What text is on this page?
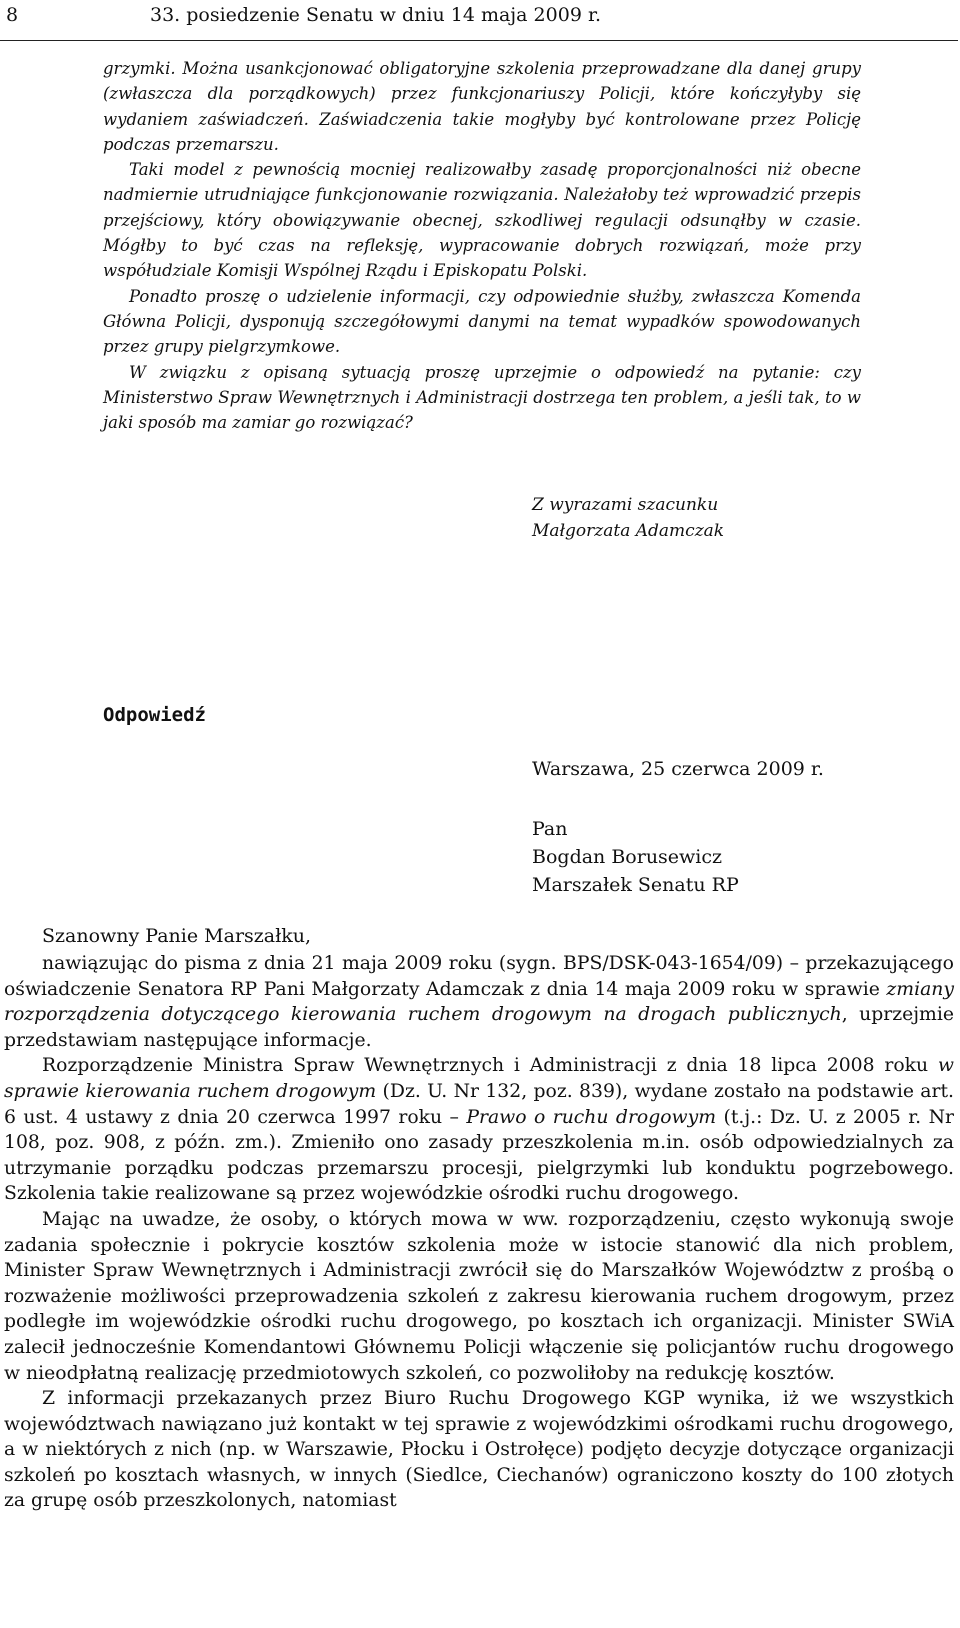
8	33. posiedzenie Senatu w dniu 14 maja 2009 r.

grzymki. Można usankcjonować obligatoryjne szkolenia przeprowadzane dla danej grupy (zwłaszcza dla porządkowych) przez funkcjonariuszy Policji, które kończyłyby się wydaniem zaświadczeń. Zaświadczenia takie mogłyby być kontrolowane przez Policję podczas przemarszu.

Taki model z pewnością mocniej realizowałby zasadę proporcjonalności niż obecne nadmiernie utrudniające funkcjonowanie rozwiązania. Należałoby też wprowadzić przepis przejściowy, który obowiązywanie obecnej, szkodliwej regulacji odsunąłby w czasie. Mógłby to być czas na refleksję, wypracowanie dobrych rozwiązań, może przy współudziale Komisji Wspólnej Rządu i Episkopatu Polski.

Ponadto proszę o udzielenie informacji, czy odpowiednie służby, zwłaszcza Komenda Główna Policji, dysponują szczegółowymi danymi na temat wypadków spowodowanych przez grupy pielgrzymkowe.

W związku z opisaną sytuacją proszę uprzejmie o odpowiedź na pytanie: czy Ministerstwo Spraw Wewnętrznych i Administracji dostrzega ten problem, a jeśli tak, to w jaki sposób ma zamiar go rozwiązać?

Z wyrazami szacunku
Małgorzata Adamczak
Odpowiedź
Warszawa, 25 czerwca 2009 r.
Pan
Bogdan Borusewicz
Marszałek Senatu RP
Szanowny Panie Marszałku,

nawiązując do pisma z dnia 21 maja 2009 roku (sygn. BPS/DSK-043-1654/09) – przekazującego oświadczenie Senatora RP Pani Małgorzaty Adamczak z dnia 14 maja 2009 roku w sprawie zmiany rozporządzenia dotyczącego kierowania ruchem drogowym na drogach publicznych, uprzejmie przedstawiam następujące informacje.

Rozporządzenie Ministra Spraw Wewnętrznych i Administracji z dnia 18 lipca 2008 roku w sprawie kierowania ruchem drogowym (Dz. U. Nr 132, poz. 839), wydane zostało na podstawie art. 6 ust. 4 ustawy z dnia 20 czerwca 1997 roku – Prawo o ruchu drogowym (t.j.: Dz. U. z 2005 r. Nr 108, poz. 908, z późn. zm.). Zmieniło ono zasady przeszkolenia m.in. osób odpowiedzialnych za utrzymanie porządku podczas przemarszu procesji, pielgrzymki lub konduktu pogrzebowego. Szkolenia takie realizowane są przez wojewódzkie ośrodki ruchu drogowego.

Mając na uwadze, że osoby, o których mowa w ww. rozporządzeniu, często wykonują swoje zadania społecznie i pokrycie kosztów szkolenia może w istocie stanowić dla nich problem, Minister Spraw Wewnętrznych i Administracji zwrócił się do Marszałków Województw z prośbą o rozważenie możliwości przeprowadzenia szkoleń z zakresu kierowania ruchem drogowym, przez podległe im wojewódzkie ośrodki ruchu drogowego, po kosztach ich organizacji. Minister SWiA zalecił jednocześnie Komendantowi Głównemu Policji włączenie się policjantów ruchu drogowego w nieodpłatną realizację przedmiotowych szkoleń, co pozwoliłoby na redukcję kosztów.

Z informacji przekazanych przez Biuro Ruchu Drogowego KGP wynika, iż we wszystkich województwach nawiązano już kontakt w tej sprawie z wojewódzkimi ośrodkami ruchu drogowego, a w niektórych z nich (np. w Warszawie, Płocku i Ostrołęce) podjęto decyzje dotyczące organizacji szkoleń po kosztach własnych, w innych (Siedlce, Ciechanów) ograniczono koszty do 100 złotych za grupę osób przeszkolonych, natomiast
